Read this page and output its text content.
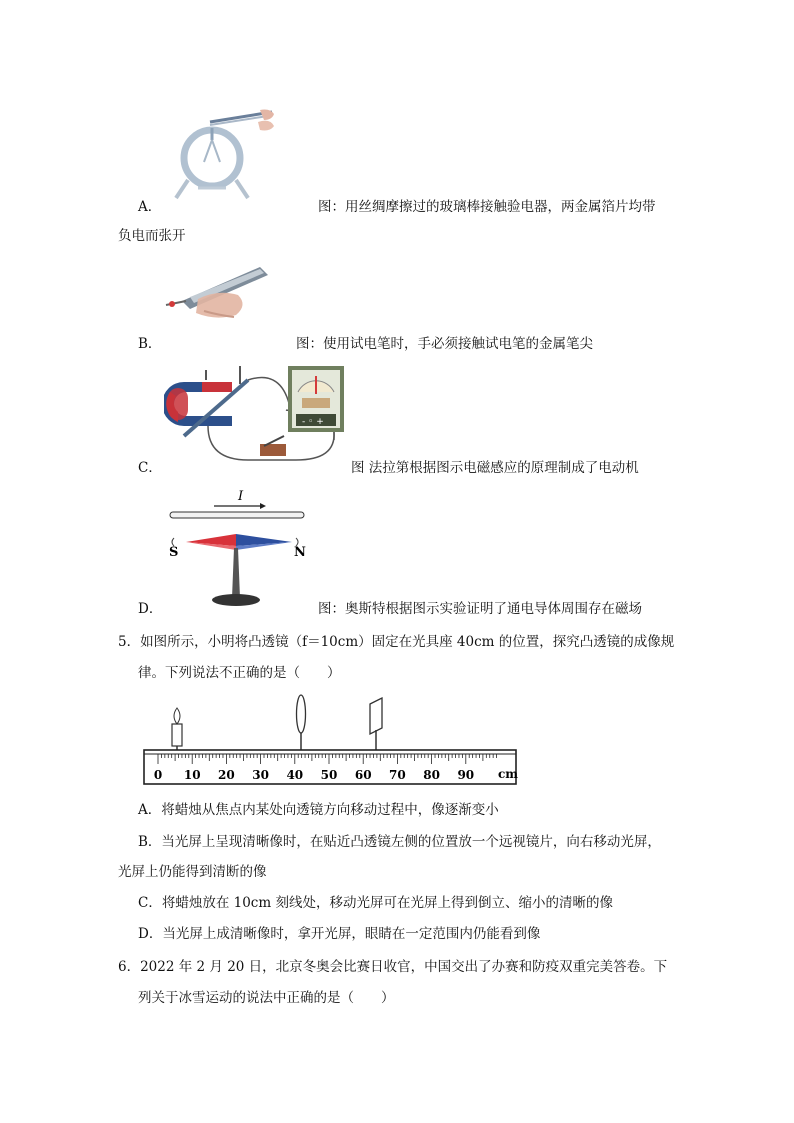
A．	图：用丝绸摩擦过的玻璃棒接触验电器，两金属箔片均带
负电而张开
B．	图：使用试电笔时，手必须接触试电笔的金属笔尖
- ◦ +
C．	图 法拉第根据图示电磁感应的原理制成了电动机
I
S	N
D．	图：奥斯特根据图示实验证明了通电导体周围存在磁场
5．如图所示，小明将凸透镜（f＝10cm）固定在光具座 40cm 的位置，探究凸透镜的成像规
律。下列说法不正确的是（　　）
0 10 20 30 40 50 60 70 80 90 cm
A．将蜡烛从焦点内某处向透镜方向移动过程中，像逐渐变小
B．当光屏上呈现清晰像时，在贴近凸透镜左侧的位置放一个远视镜片，向右移动光屏，
光屏上仍能得到清断的像
C．将蜡烛放在 10cm 刻线处，移动光屏可在光屏上得到倒立、缩小的清晰的像
D．当光屏上成清晰像时，拿开光屏，眼睛在一定范围内仍能看到像
6．2022 年 2 月 20 日，北京冬奥会比赛日收官，中国交出了办赛和防疫双重完美答卷。下
列关于冰雪运动的说法中正确的是（　　）
